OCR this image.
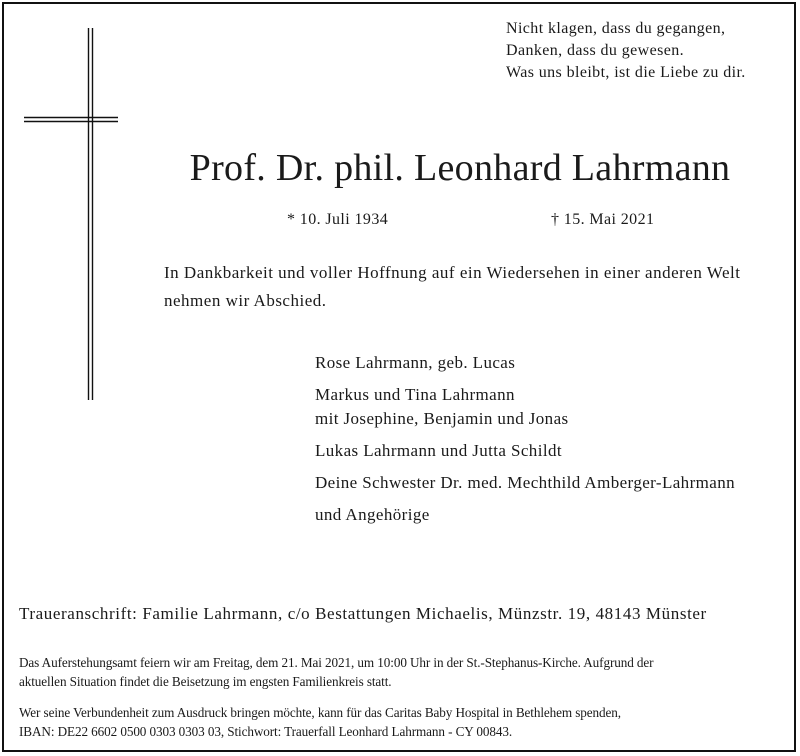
Nicht klagen, dass du gegangen,
Danken, dass du gewesen.
Was uns bleibt, ist die Liebe zu dir.
Prof. Dr. phil. Leonhard Lahrmann
* 10. Juli 1934	† 15. Mai 2021
In Dankbarkeit und voller Hoffnung auf ein Wiedersehen in einer anderen Welt
nehmen wir Abschied.
Rose Lahrmann, geb. Lucas
Markus und Tina Lahrmann
mit Josephine, Benjamin und Jonas
Lukas Lahrmann und Jutta Schildt
Deine Schwester Dr. med. Mechthild Amberger-Lahrmann
und Angehörige
Traueranschrift: Familie Lahrmann, c/o Bestattungen Michaelis, Münzstr. 19, 48143 Münster
Das Auferstehungsamt feiern wir am Freitag, dem 21. Mai 2021, um 10:00 Uhr in der St.-Stephanus-Kirche. Aufgrund der
aktuellen Situation findet die Beisetzung im engsten Familienkreis statt.
Wer seine Verbundenheit zum Ausdruck bringen möchte, kann für das Caritas Baby Hospital in Bethlehem spenden,
IBAN: DE22 6602 0500 0303 0303 03, Stichwort: Trauerfall Leonhard Lahrmann - CY 00843.
